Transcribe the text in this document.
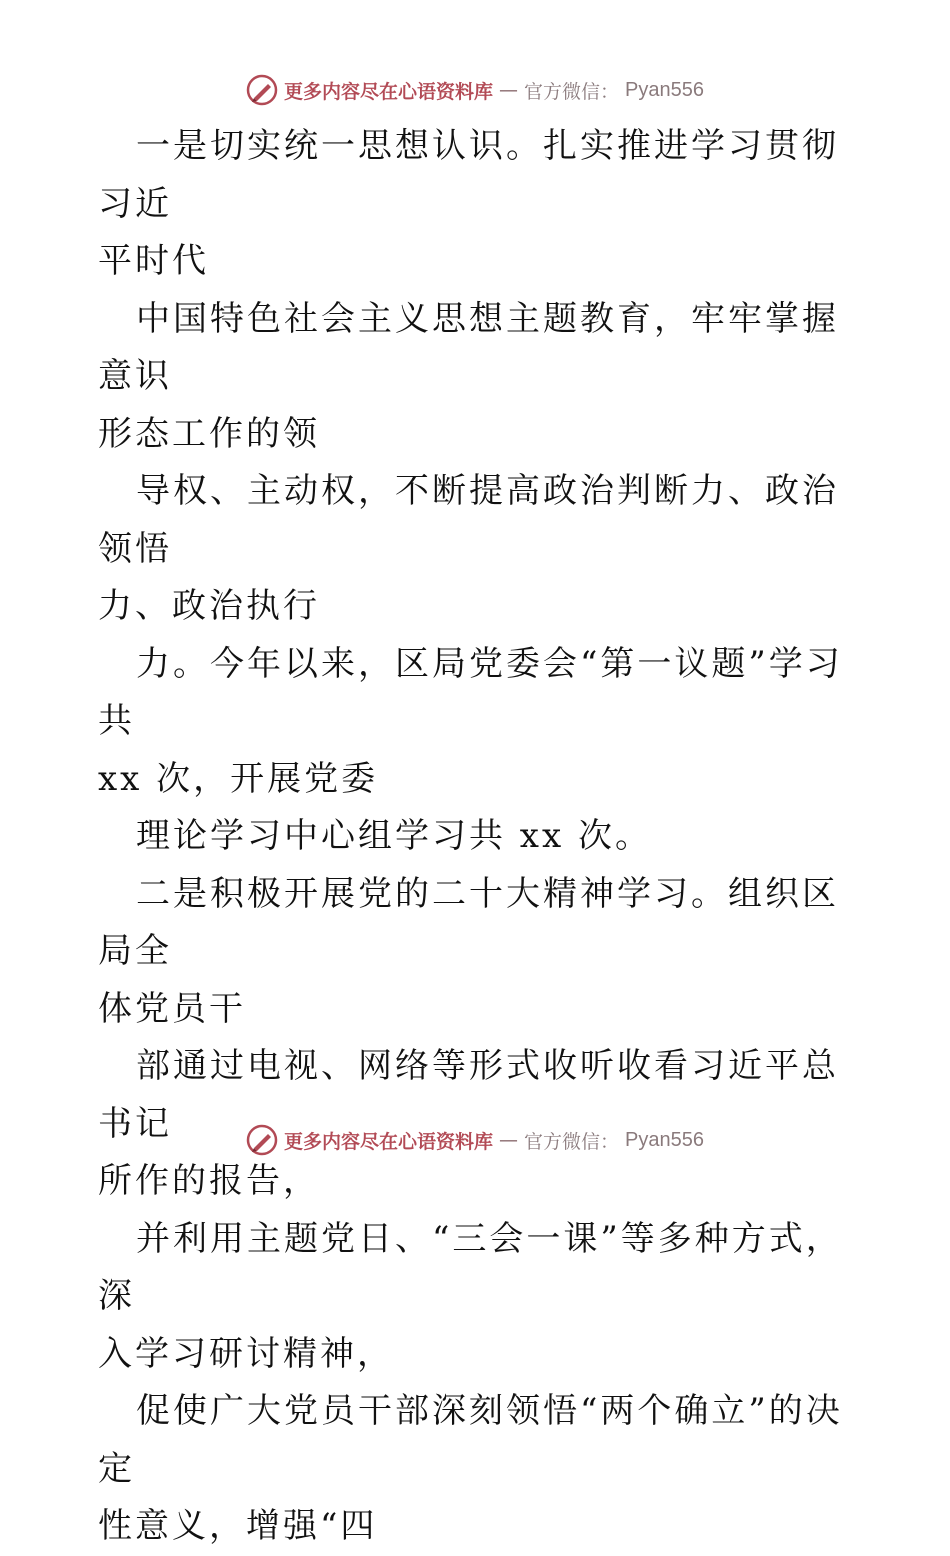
更多内容尽在心语资料库 — 官方微信： Pyan556

一是切实统一思想认识。扎实推进学习贯彻习近
平时代

中国特色社会主义思想主题教育，牢牢掌握意识
形态工作的领

导权、主动权，不断提高政治判断力、政治领悟
力、政治执行

力。今年以来，区局党委会“第一议题”学习共
xx 次，开展党委

理论学习中心组学习共 xx 次。

二是积极开展党的二十大精神学习。组织区局全
体党员干

部通过电视、网络等形式收听收看习近平总书记
所作的报告，

并利用主题党日、“三会一课”等多种方式，深
入学习研讨精神，

促使广大党员干部深刻领悟“两个确立”的决定
性意义，增强“四

更多内容尽在心语资料库 — 官方微信： Pyan556
